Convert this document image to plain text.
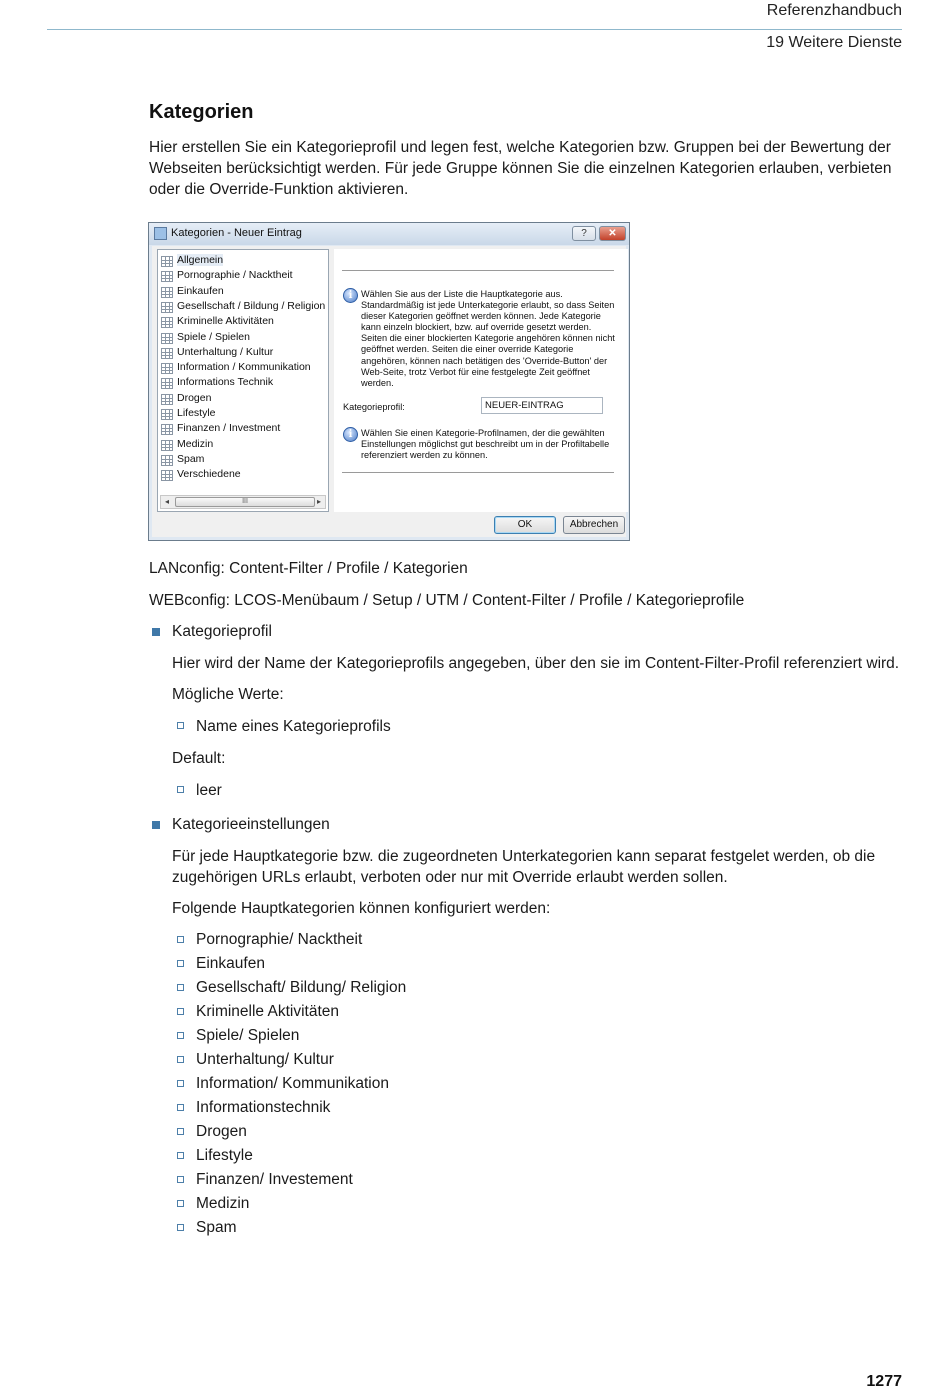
Referenzhandbuch
19 Weitere Dienste
Kategorien

Hier erstellen Sie ein Kategorieprofil und legen fest, welche Kategorien bzw. Gruppen bei der Bewertung der Webseiten berücksichtigt werden. Für jede Gruppe können Sie die einzelnen Kategorien erlauben, verbieten oder die Override-Funktion aktivieren.

Kategorien - Neuer Eintrag	?	✕
Allgemein
Pornographie / Nacktheit
Einkaufen
Gesellschaft / Bildung / Religion
Kriminelle Aktivitäten
Spiele / Spielen
Unterhaltung / Kultur
Information / Kommunikation
Informations Technik
Drogen
Lifestyle
Finanzen / Investment
Medizin
Spam
Verschiedene
◂	III	▸
i Wählen Sie aus der Liste die Hauptkategorie aus. Standardmäßig ist jede Unterkategorie erlaubt, so dass Seiten dieser Kategorien geöffnet werden können. Jede Kategorie kann einzeln blockiert, bzw. auf override gesetzt werden. Seiten die einer blockierten Kategorie angehören können nicht geöffnet werden. Seiten die einer override Kategorie angehören, können nach betätigen des 'Override-Button' der Web-Seite, trotz Verbot für eine festgelegte Zeit geöffnet werden.
Kategorieprofil:	NEUER-EINTRAG
i Wählen Sie einen Kategorie-Profilnamen, der die gewählten Einstellungen möglichst gut beschreibt um in der Profiltabelle referenziert werden zu können.
OK	Abbrechen

LANconfig: Content-Filter / Profile / Kategorien

WEBconfig: LCOS-Menübaum / Setup / UTM / Content-Filter / Profile / Kategorieprofile

Kategorieprofil

Hier wird der Name der Kategorieprofils angegeben, über den sie im Content-Filter-Profil referenziert wird.

Mögliche Werte:

Name eines Kategorieprofils

Default:

leer

Kategorieeinstellungen

Für jede Hauptkategorie bzw. die zugeordneten Unterkategorien kann separat festgelet werden, ob die zugehörigen URLs erlaubt, verboten oder nur mit Override erlaubt werden sollen.

Folgende Hauptkategorien können konfiguriert werden:

Pornographie/ Nacktheit
Einkaufen
Gesellschaft/ Bildung/ Religion
Kriminelle Aktivitäten
Spiele/ Spielen
Unterhaltung/ Kultur
Information/ Kommunikation
Informationstechnik
Drogen
Lifestyle
Finanzen/ Investement
Medizin
Spam
1277
